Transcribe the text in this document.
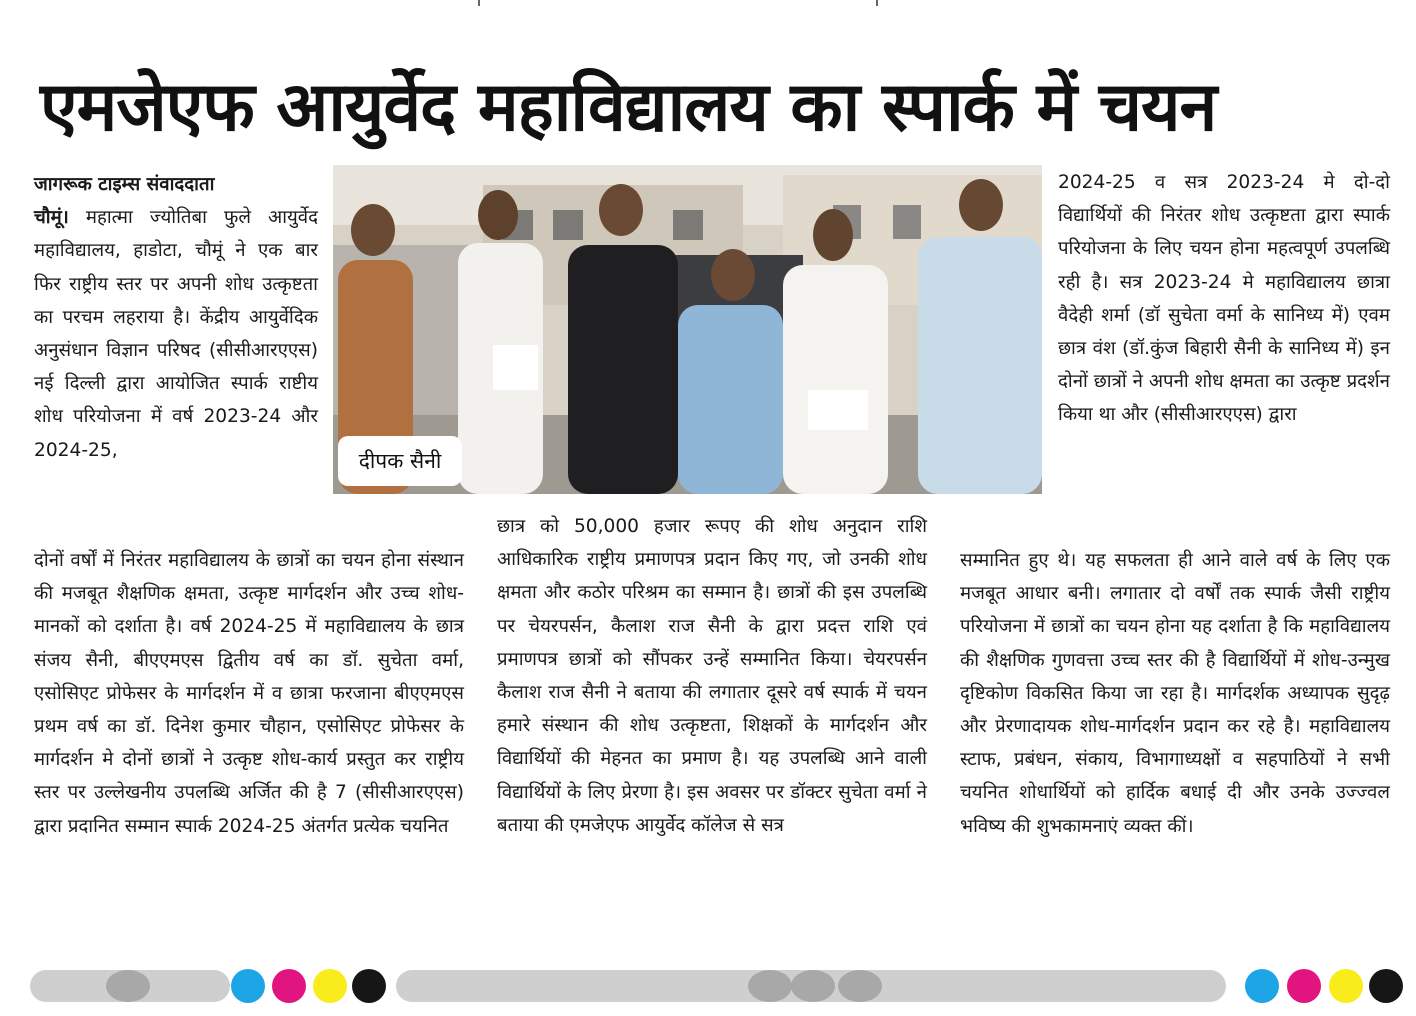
एमजेएफ आयुर्वेद महाविद्यालय का स्पार्क में चयन

जागरूक टाइम्स संवाददाता

चौमूं। महात्मा ज्योतिबा फुले आयुर्वेद महाविद्यालय, हाडोटा, चौमूं ने एक बार फिर राष्ट्रीय स्तर पर अपनी शोध उत्कृष्टता का परचम लहराया है। केंद्रीय आयुर्वेदिक अनुसंधान विज्ञान परिषद (सीसीआरएएस) नई दिल्ली द्वारा आयोजित स्पार्क राष्टीय शोध परियोजना में वर्ष 2023-24 और 2024-25,	दीपक सैनी

दोनों वर्षों में निरंतर महाविद्यालय के छात्रों का चयन होना संस्थान की मजबूत शैक्षणिक क्षमता, उत्कृष्ट मार्गदर्शन और उच्च शोध-मानकों को दर्शाता है। वर्ष 2024-25 में महाविद्यालय के छात्र संजय सैनी, बीएएमएस द्वितीय वर्ष का डॉ. सुचेता वर्मा, एसोसिएट प्रोफेसर के मार्गदर्शन में व छात्रा फरजाना बीएएमएस प्रथम वर्ष का डॉ. दिनेश कुमार चौहान, एसोसिएट प्रोफेसर के मार्गदर्शन मे दोनों छात्रों ने उत्कृष्ट शोध-कार्य प्रस्तुत कर राष्ट्रीय स्तर पर उल्लेखनीय उपलब्धि अर्जित की है 7 (सीसीआरएएस) द्वारा प्रदानित सम्मान स्पार्क 2024-25 अंतर्गत प्रत्येक चयनित

छात्र को 50,000 हजार रूपए की शोध अनुदान राशि आधिकारिक राष्ट्रीय प्रमाणपत्र प्रदान किए गए, जो उनकी शोध क्षमता और कठोर परिश्रम का सम्मान है। छात्रों की इस उपलब्धि पर चेयरपर्सन, कैलाश राज सैनी के द्वारा प्रदत्त राशि एवं प्रमाणपत्र छात्रों को सौंपकर उन्हें सम्मानित किया। चेयरपर्सन कैलाश राज सैनी ने बताया की लगातार दूसरे वर्ष स्पार्क में चयन हमारे संस्थान की शोध उत्कृष्टता, शिक्षकों के मार्गदर्शन और विद्यार्थियों की मेहनत का प्रमाण है। यह उपलब्धि आने वाली विद्यार्थियों के लिए प्रेरणा है। इस अवसर पर डॉक्टर सुचेता वर्मा ने बताया की एमजेएफ आयुर्वेद कॉलेज से सत्र

2024-25 व सत्र 2023-24 मे दो-दो विद्यार्थियों की निरंतर शोध उत्कृष्टता द्वारा स्पार्क परियोजना के लिए चयन होना महत्वपूर्ण उपलब्धि रही है। सत्र 2023-24 मे महाविद्यालय छात्रा वैदेही शर्मा (डॉ सुचेता वर्मा के सानिध्य में) एवम छात्र वंश (डॉ.कुंज बिहारी सैनी के सानिध्य में) इन दोनों छात्रों ने अपनी शोध क्षमता का उत्कृष्ट प्रदर्शन किया था और (सीसीआरएएस) द्वारा

सम्मानित हुए थे। यह सफलता ही आने वाले वर्ष के लिए एक मजबूत आधार बनी। लगातार दो वर्षों तक स्पार्क जैसी राष्ट्रीय परियोजना में छात्रों का चयन होना यह दर्शाता है कि महाविद्यालय की शैक्षणिक गुणवत्ता उच्च स्तर की है विद्यार्थियों में शोध-उन्मुख दृष्टिकोण विकसित किया जा रहा है। मार्गदर्शक अध्यापक सुदृढ़ और प्रेरणादायक शोध-मार्गदर्शन प्रदान कर रहे है। महाविद्यालय स्टाफ, प्रबंधन, संकाय, विभागाध्यक्षों व सहपाठियों ने सभी चयनित शोधार्थियों को हार्दिक बधाई दी और उनके उज्ज्वल भविष्य की शुभकामनाएं व्यक्त कीं।
